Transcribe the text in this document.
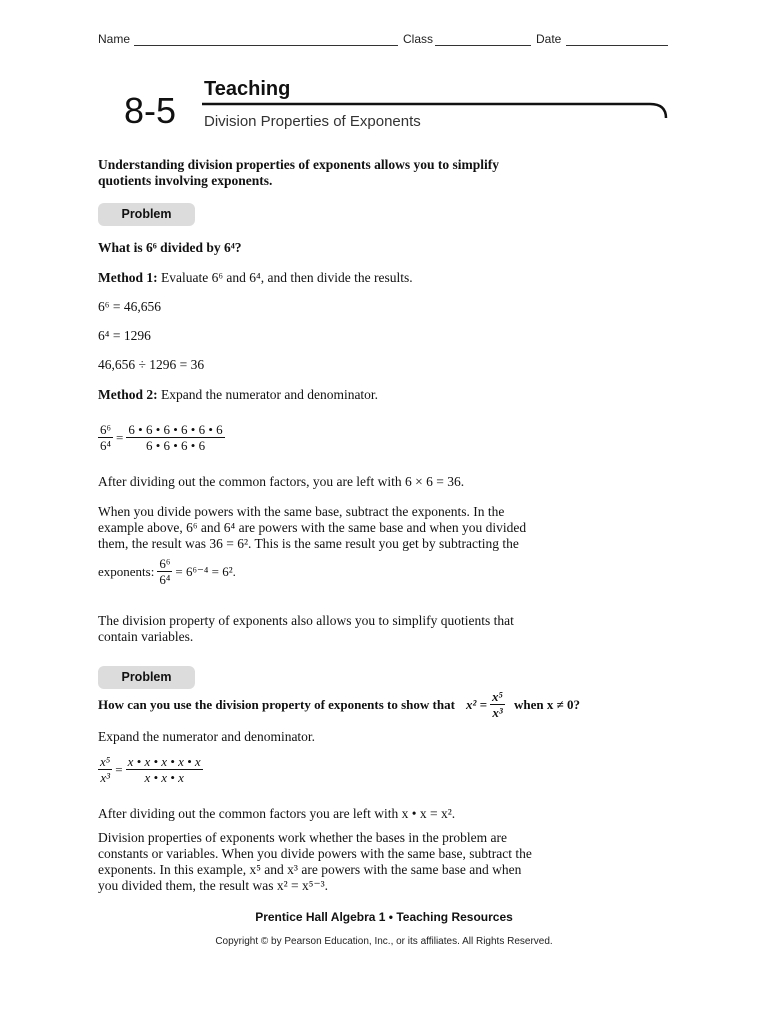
Name	Class	Date
8-5
Teaching
Division Properties of Exponents
Understanding division properties of exponents allows you to simplify
quotients involving exponents.
Problem
What is 6⁶ divided by 6⁴?
Method 1: Evaluate 6⁶ and 6⁴, and then divide the results.
6⁶ = 46,656
6⁴ = 1296
46,656 ÷ 1296 = 36
Method 2: Expand the numerator and denominator.
$\frac{\text{6⁶}}{\text{6⁴}} = \frac{6 • 6 • 6 • 6 • 6 • 6}{6 • 6 • 6 • 6}$
After dividing out the common factors, you are left with 6 × 6 = 36.
When you divide powers with the same base, subtract the exponents. In the
example above, 6⁶ and 6⁴ are powers with the same base and when you divided
them, the result was 36 = 6². This is the same result you get by subtracting the
exponents: $\frac{\text{6⁶}}{\text{6⁴}} = 6^{6-4} = 6^2$.
The division property of exponents also allows you to simplify quotients that
contain variables.
Problem
How can you use the division property of exponents to show that $x^2 = \frac{\text{x⁵}}{\text{x³}}$ when x ≠ 0?
Expand the numerator and denominator.
$\frac{\text{x⁵}}{\text{x³}} = \frac{x • x • x • x • x}{x • x • x}$
After dividing out the common factors you are left with x • x = x².
Division properties of exponents work whether the bases in the problem are
constants or variables. When you divide powers with the same base, subtract the
exponents. In this example, x⁵ and x³ are powers with the same base and when
you divided them, the result was x² = x⁵⁻³.
Prentice Hall Algebra 1 • Teaching Resources
Copyright © by Pearson Education, Inc., or its affiliates. All Rights Reserved.
